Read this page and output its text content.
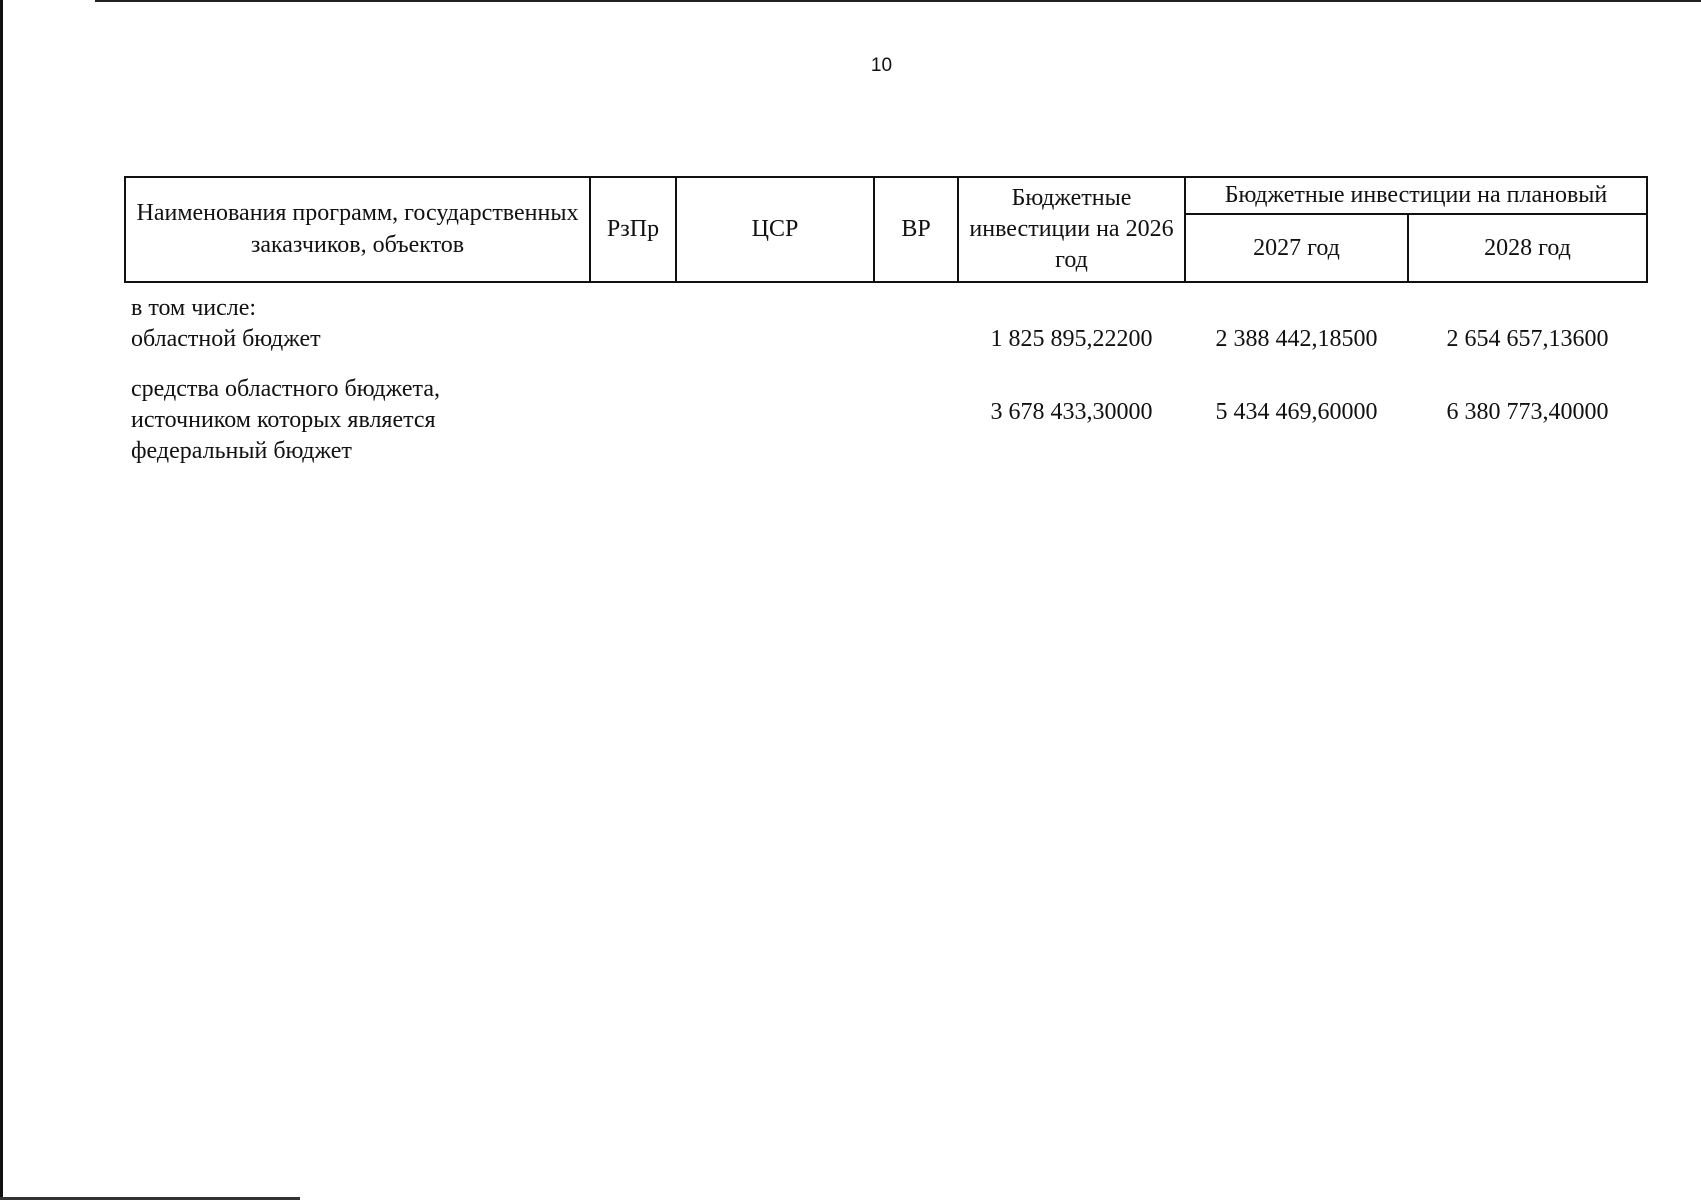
10
Наименования программ, государственных заказчиков, объектов	РзПр	ЦСР	ВР	Бюджетные инвестиции на 2026 год	Бюджетные инвестиции на плановый	
					2027 год	2028 год

в том числе:
областной бюджет				1 825 895,22200	2 388 442,18500	2 654 657,13600

средства областного бюджета,
источником которых является
федеральный бюджет				3 678 433,30000	5 434 469,60000	6 380 773,40000
